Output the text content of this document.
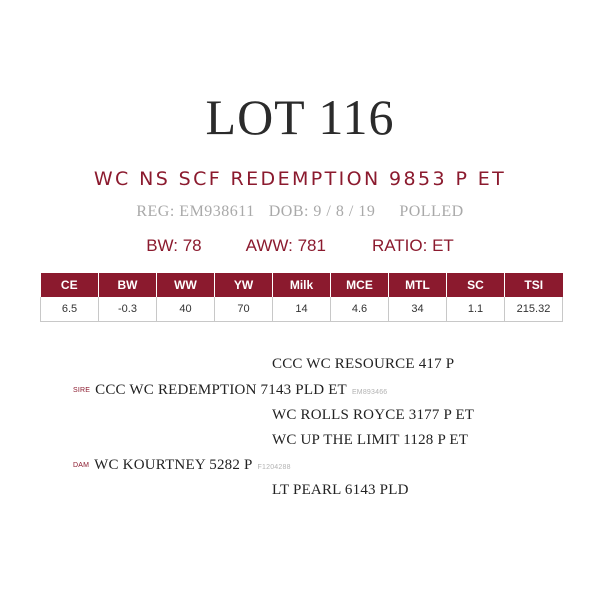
LOT 116
WC NS SCF REDEMPTION 9853 P ET
REG: EM938611 DOB: 9 / 8 / 19 POLLED
BW: 78	AWW: 781	RATIO: ET
CE	BW	WW	YW	Milk	MCE	MTL	SC	TSI
6.5	-0.3	40	70	14	4.6	34	1.1	215.32
CCC WC RESOURCE 417 P
SIRE CCC WC REDEMPTION 7143 PLD ET EM893466
WC ROLLS ROYCE 3177 P ET
WC UP THE LIMIT 1128 P ET
DAM WC KOURTNEY 5282 P F1204288
LT PEARL 6143 PLD
